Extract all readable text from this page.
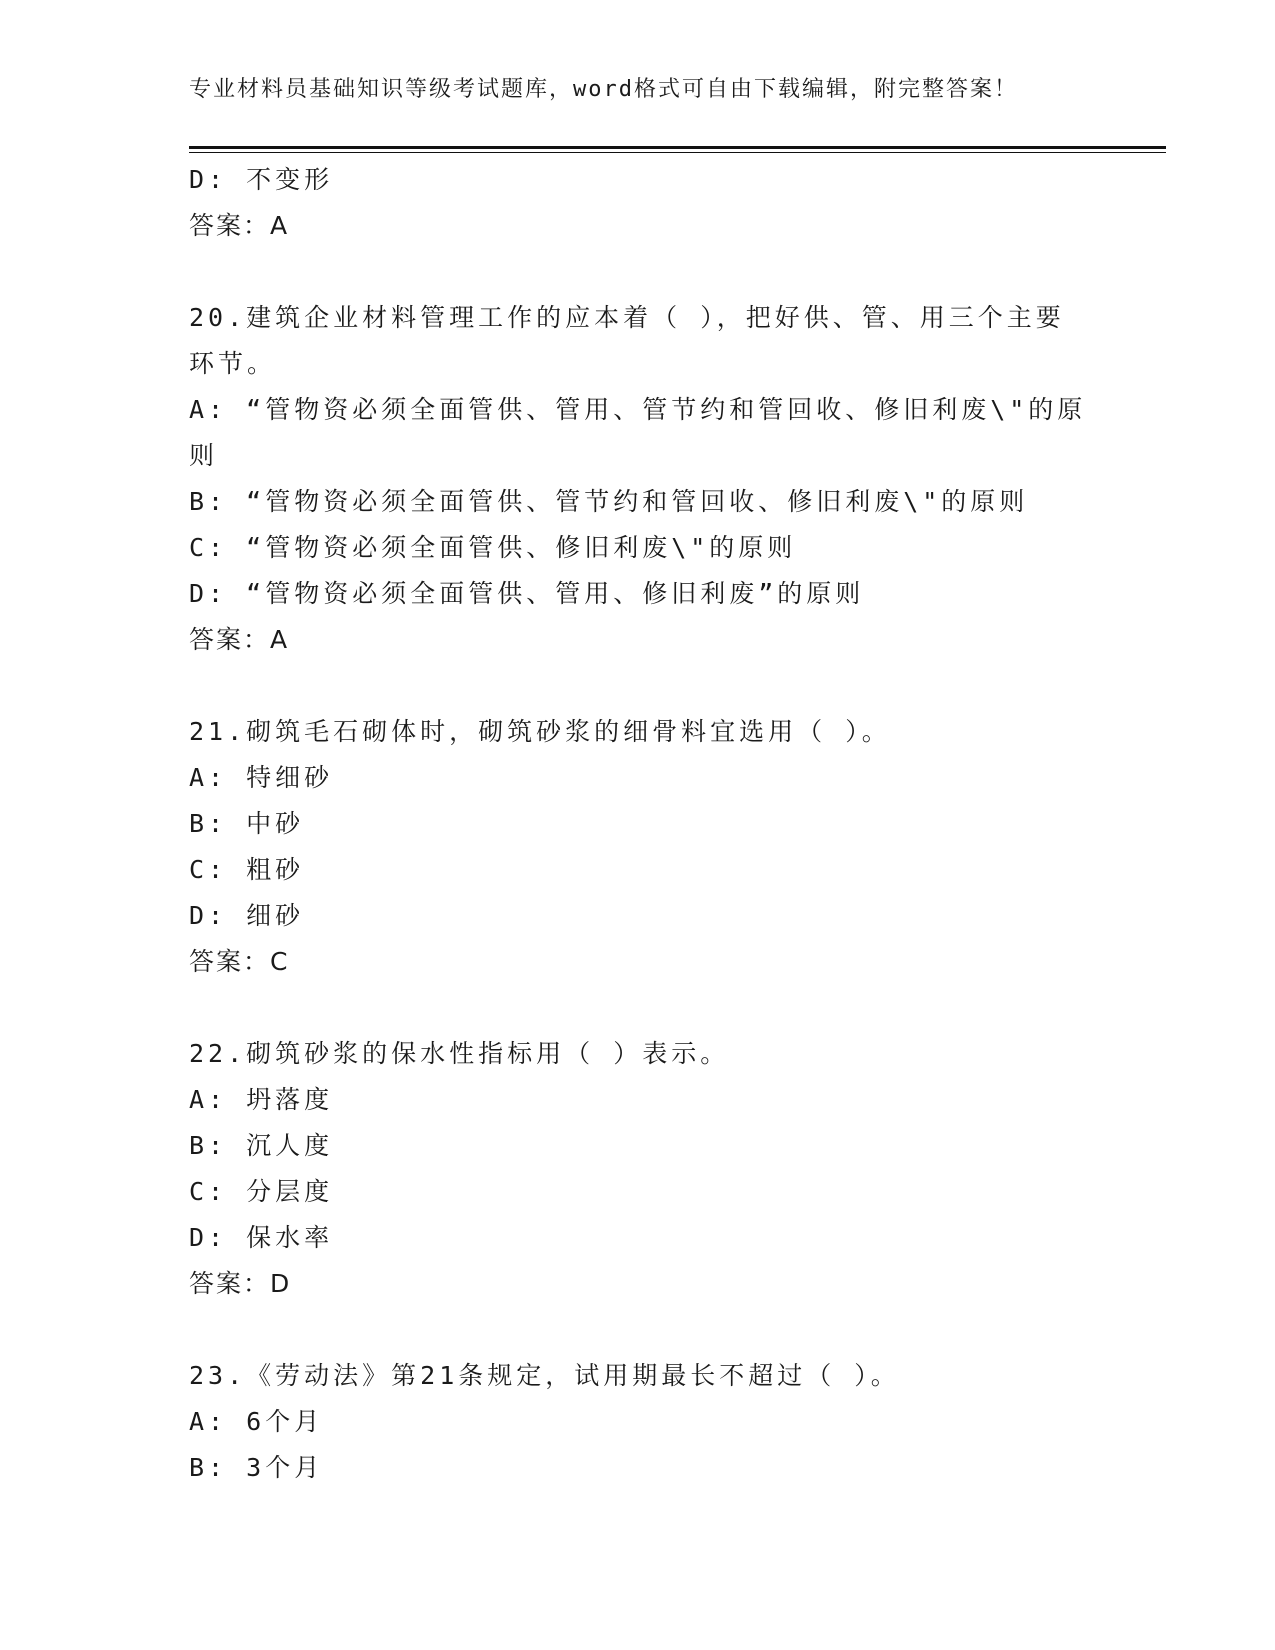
专业材料员基础知识等级考试题库，word格式可自由下载编辑，附完整答案！
D: 不变形
答案：A
20.建筑企业材料管理工作的应本着（ ），把好供、管、用三个主要
环节。
A: “管物资必须全面管供、管用、管节约和管回收、修旧利废\"的原
则
B: “管物资必须全面管供、管节约和管回收、修旧利废\"的原则
C: “管物资必须全面管供、修旧利废\"的原则
D: “管物资必须全面管供、管用、修旧利废”的原则
答案：A
21.砌筑毛石砌体时，砌筑砂浆的细骨料宜选用（ ）。
A: 特细砂
B: 中砂
C: 粗砂
D: 细砂
答案：C
22.砌筑砂浆的保水性指标用（ ）表示。
A: 坍落度
B: 沉人度
C: 分层度
D: 保水率
答案：D
23.《劳动法》第21条规定，试用期最长不超过（ ）。
A: 6个月
B: 3个月
